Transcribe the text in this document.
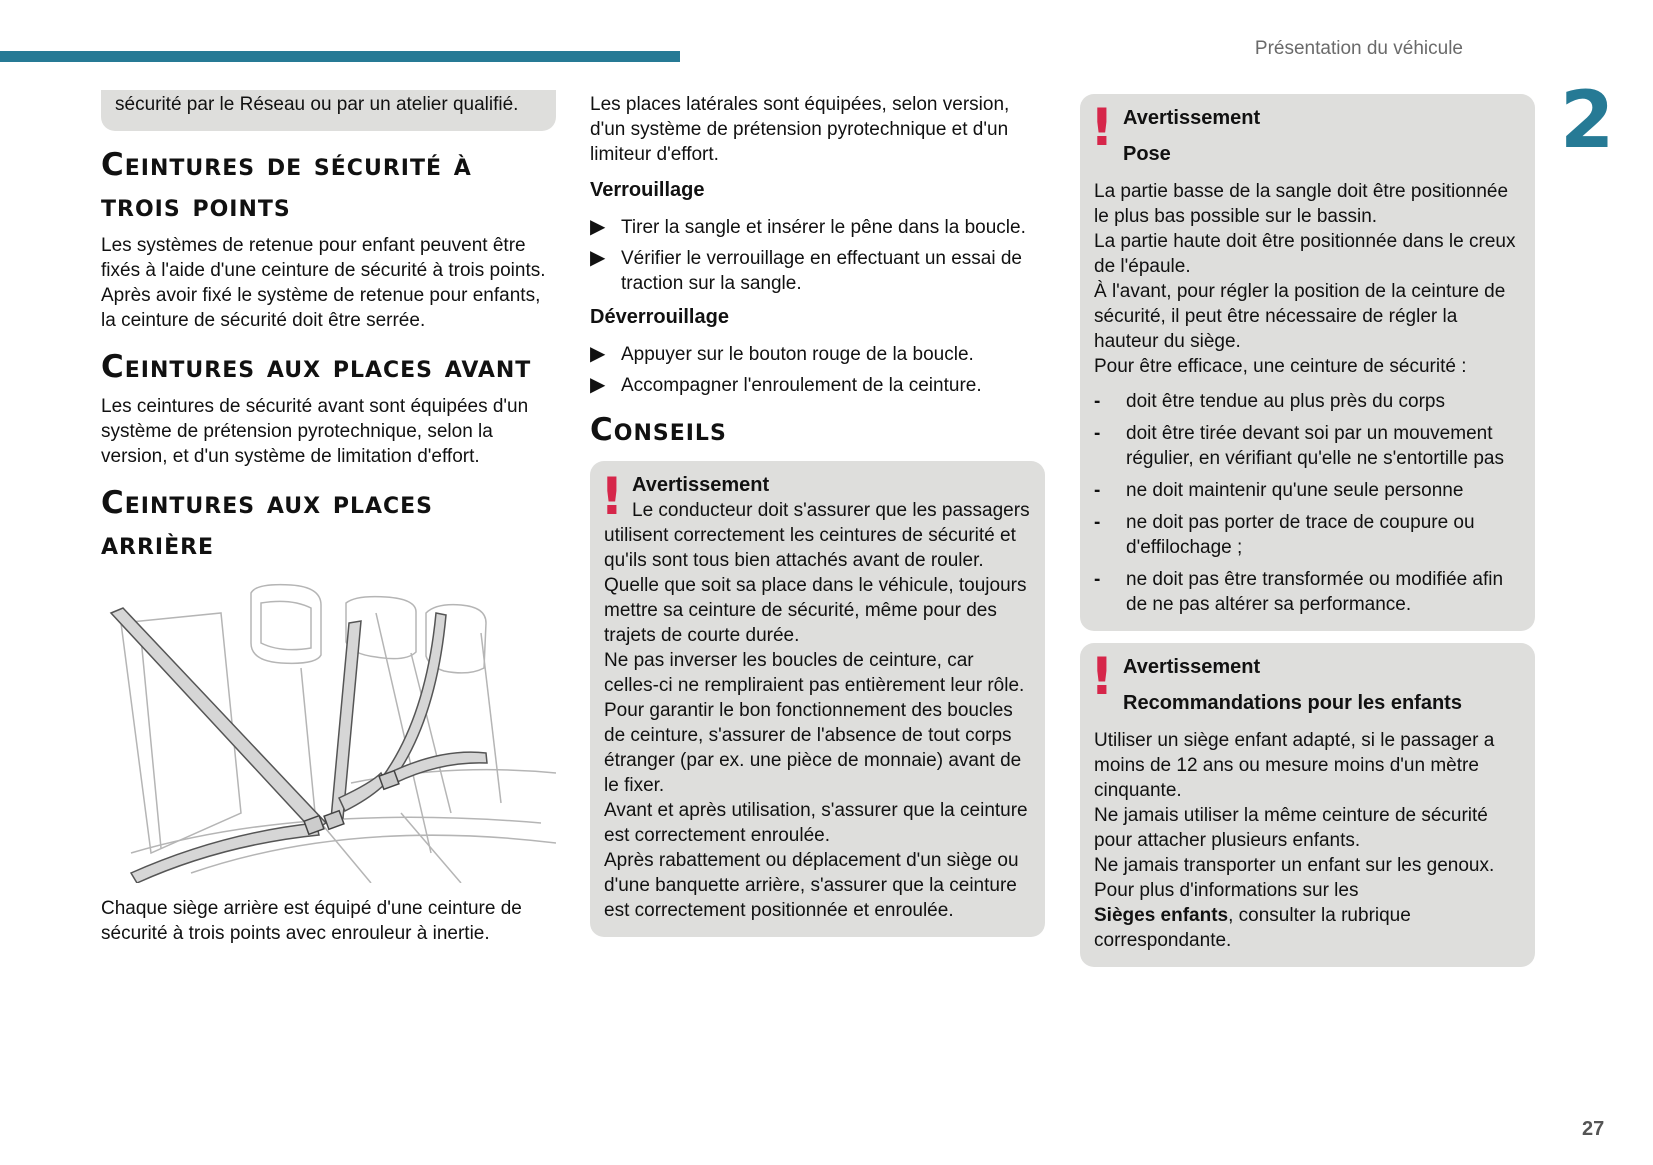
Présentation du véhicule
2

sécurité par le Réseau ou par un atelier qualifié.

Ceintures de sécurité à trois points

Les systèmes de retenue pour enfant peuvent être fixés à l'aide d'une ceinture de sécurité à trois points. Après avoir fixé le système de retenue pour enfants, la ceinture de sécurité doit être serrée.

Ceintures aux places avant

Les ceintures de sécurité avant sont équipées d'un système de prétension pyrotechnique, selon la version, et d'un système de limitation d'effort.

Ceintures aux places arrière

Chaque siège arrière est équipé d'une ceinture de sécurité à trois points avec enrouleur à inertie.

Les places latérales sont équipées, selon version, d'un système de prétension pyrotechnique et d'un limiteur d'effort.

Verrouillage
▶ Tirer la sangle et insérer le pêne dans la boucle.
▶ Vérifier le verrouillage en effectuant un essai de traction sur la sangle.
Déverrouillage
▶ Appuyer sur le bouton rouge de la boucle.
▶ Accompagner l'enroulement de la ceinture.
Conseils
! Avertissement

Le conducteur doit s'assurer que les passagers utilisent correctement les ceintures de sécurité et qu'ils sont tous bien attachés avant de rouler.

Quelle que soit sa place dans le véhicule, toujours mettre sa ceinture de sécurité, même pour des trajets de courte durée.

Ne pas inverser les boucles de ceinture, car celles-ci ne rempliraient pas entièrement leur rôle.

Pour garantir le bon fonctionnement des boucles de ceinture, s'assurer de l'absence de tout corps étranger (par ex. une pièce de monnaie) avant de le fixer.

Avant et après utilisation, s'assurer que la ceinture est correctement enroulée.

Après rabattement ou déplacement d'un siège ou d'une banquette arrière, s'assurer que la ceinture est correctement positionnée et enroulée.

! Avertissement
Pose

La partie basse de la sangle doit être positionnée le plus bas possible sur le bassin.

La partie haute doit être positionnée dans le creux de l'épaule.

À l'avant, pour régler la position de la ceinture de sécurité, il peut être nécessaire de régler la hauteur du siège.

Pour être efficace, une ceinture de sécurité :

- doit être tendue au plus près du corps
- doit être tirée devant soi par un mouvement régulier, en vérifiant qu'elle ne s'entortille pas
- ne doit maintenir qu'une seule personne
- ne doit pas porter de trace de coupure ou d'effilochage ;
- ne doit pas être transformée ou modifiée afin de ne pas altérer sa performance.
! Avertissement
Recommandations pour les enfants

Utiliser un siège enfant adapté, si le passager a moins de 12 ans ou mesure moins d'un mètre cinquante.

Ne jamais utiliser la même ceinture de sécurité pour attacher plusieurs enfants.

Ne jamais transporter un enfant sur les genoux.

Pour plus d'informations sur les

Sièges enfants, consulter la rubrique correspondante.

27
